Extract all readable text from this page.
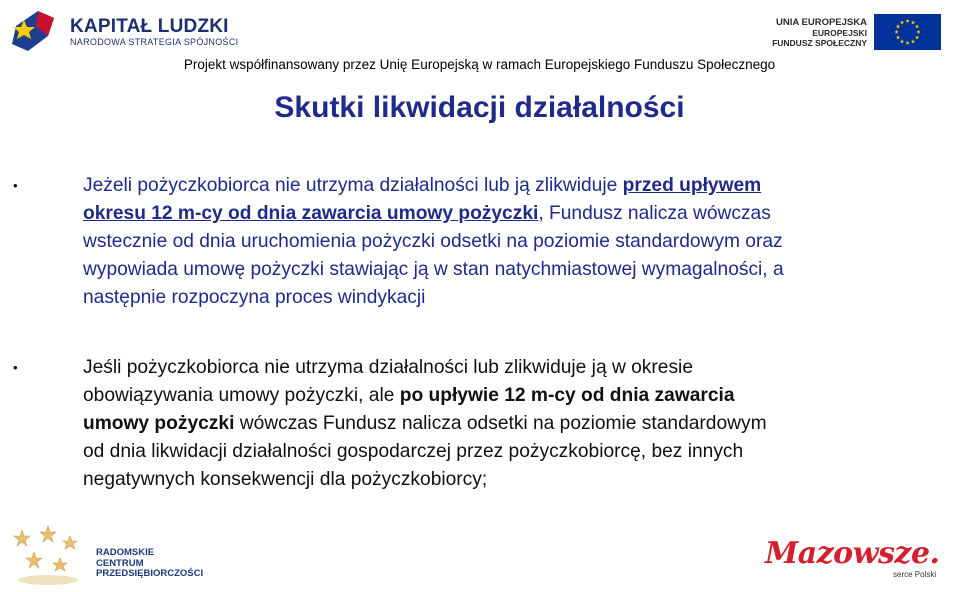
KAPITAŁ LUDZKI
NARODOWA STRATEGIA SPÓJNOŚCI
UNIA EUROPEJSKA
EUROPEJSKI
FUNDUSZ SPOŁECZNY
Projekt współfinansowany przez Unię Europejską w ramach Europejskiego Funduszu Społecznego
Skutki likwidacji działalności
•	Jeżeli pożyczkobiorca nie utrzyma działalności lub ją zlikwiduje przed upływem
okresu 12 m-cy od dnia zawarcia umowy pożyczki, Fundusz nalicza wówczas
wstecznie od dnia uruchomienia pożyczki odsetki na poziomie standardowym oraz
wypowiada umowę pożyczki stawiając ją w stan natychmiastowej wymagalności, a
następnie rozpoczyna proces windykacji
•	Jeśli pożyczkobiorca nie utrzyma działalności lub zlikwiduje ją w okresie
obowiązywania umowy pożyczki, ale po upływie 12 m-cy od dnia zawarcia
umowy pożyczki wówczas Fundusz nalicza odsetki na poziomie standardowym
od dnia likwidacji działalności gospodarczej przez pożyczkobiorcę, bez innych
negatywnych konsekwencji dla pożyczkobiorcy;
RADOMSKIE
CENTRUM
PRZEDSIĘBIORCZOŚCI
Mazowsze.
serce Polski
